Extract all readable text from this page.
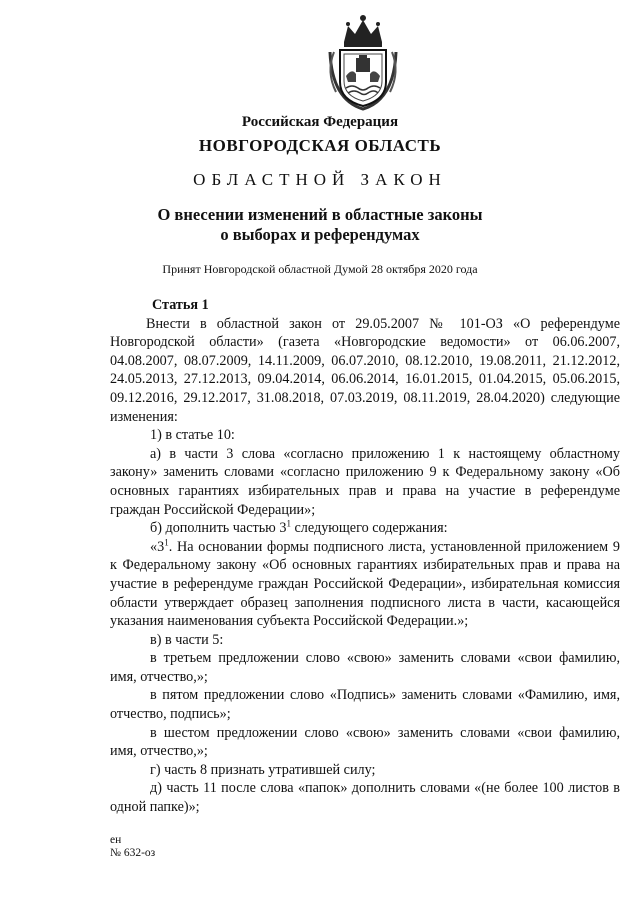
Российская Федерация
НОВГОРОДСКАЯ ОБЛАСТЬ
ОБЛАСТНОЙ ЗАКОН
О внесении изменений в областные законы
о выборах и референдумах
Принят Новгородской областной Думой 28 октября 2020 года

Статья 1

Внести в областной закон от 29.05.2007 № 101-ОЗ «О референдуме Новгородской области» (газета «Новгородские ведомости» от 06.06.2007, 04.08.2007, 08.07.2009, 14.11.2009, 06.07.2010, 08.12.2010, 19.08.2011, 21.12.2012, 24.05.2013, 27.12.2013, 09.04.2014, 06.06.2014, 16.01.2015, 01.04.2015, 05.06.2015, 09.12.2016, 29.12.2017, 31.08.2018, 07.03.2019, 08.11.2019, 28.04.2020) следующие изменения:

1) в статье 10:

а) в части 3 слова «согласно приложению 1 к настоящему областному закону» заменить словами «согласно приложению 9 к Федеральному закону «Об основных гарантиях избирательных прав и права на участие в референдуме граждан Российской Федерации»;

б) дополнить частью $3^1$ следующего содержания:

«$3^1$. На основании формы подписного листа, установленной приложением 9 к Федеральному закону «Об основных гарантиях избирательных прав и права на участие в референдуме граждан Российской Федерации», избирательная комиссия области утверждает образец заполнения подписного листа в части, касающейся указания наименования субъекта Российской Федерации.»;

в) в части 5:

в третьем предложении слово «свою» заменить словами «свои фамилию, имя, отчество,»;

в пятом предложении слово «Подпись» заменить словами «Фамилию, имя, отчество, подпись»;

в шестом предложении слово «свою» заменить словами «свои фамилию, имя, отчество,»;

г) часть 8 признать утратившей силу;

д) часть 11 после слова «папок» дополнить словами «(не более 100 листов в одной папке)»;

ен
№ 632-оз
